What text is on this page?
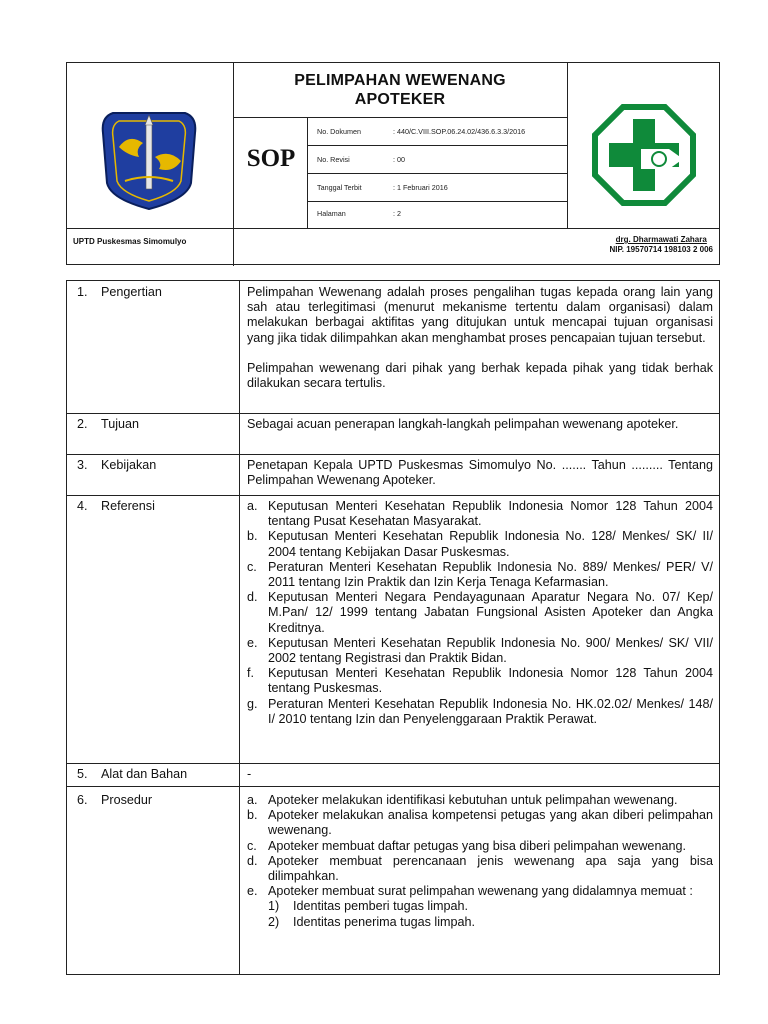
PELIMPAHAN WEWENANG
APOTEKER
SOP
No. Dokumen	: 440/C.VIII.SOP.06.24.02/436.6.3.3/2016
No. Revisi	: 00
Tanggal Terbit	: 1 Februari 2016
Halaman	: 2
UPTD Puskesmas Simomulyo	drg. Dharmawati Zahara
NIP. 19570714 198103 2 006
1. Pengertian	Pelimpahan Wewenang adalah proses pengalihan tugas kepada orang lain yang sah atau terlegitimasi (menurut mekanisme tertentu dalam organisasi) dalam melakukan berbagai aktifitas yang ditujukan untuk mencapai tujuan organisasi yang jika tidak dilimpahkan akan menghambat proses pencapaian tujuan tersebut.

Pelimpahan wewenang dari pihak yang berhak kepada pihak yang tidak berhak dilakukan secara tertulis.

2. Tujuan	Sebagai acuan penerapan langkah-langkah pelimpahan wewenang apoteker.
3. Kebijakan	Penetapan Kepala UPTD Puskesmas Simomulyo No. ....... Tahun ......... Tentang Pelimpahan Wewenang Apoteker.
4. Referensi	a. Keputusan Menteri Kesehatan Republik Indonesia Nomor 128 Tahun 2004 tentang Pusat Kesehatan Masyarakat.
b. Keputusan Menteri Kesehatan Republik Indonesia No. 128/ Menkes/ SK/ II/ 2004 tentang Kebijakan Dasar Puskesmas.
c. Peraturan Menteri Kesehatan Republik Indonesia No. 889/ Menkes/ PER/ V/ 2011 tentang Izin Praktik dan Izin Kerja Tenaga Kefarmasian.
d. Keputusan Menteri Negara Pendayagunaan Aparatur Negara No. 07/ Kep/ M.Pan/ 12/ 1999 tentang Jabatan Fungsional Asisten Apoteker dan Angka Kreditnya.
e. Keputusan Menteri Kesehatan Republik Indonesia No. 900/ Menkes/ SK/ VII/ 2002 tentang Registrasi dan Praktik Bidan.
f. Keputusan Menteri Kesehatan Republik Indonesia Nomor 128 Tahun 2004 tentang Puskesmas.
g. Peraturan Menteri Kesehatan Republik Indonesia No. HK.02.02/ Menkes/ 148/ I/ 2010 tentang Izin dan Penyelenggaraan Praktik Perawat.
5. Alat dan Bahan	-
6. Prosedur	a. Apoteker melakukan identifikasi kebutuhan untuk pelimpahan wewenang.
b. Apoteker melakukan analisa kompetensi petugas yang akan diberi pelimpahan wewenang.
c. Apoteker membuat daftar petugas yang bisa diberi pelimpahan wewenang.
d. Apoteker membuat perencanaan jenis wewenang apa saja yang bisa dilimpahkan.
e. Apoteker membuat surat pelimpahan wewenang yang didalamnya memuat :
1) Identitas pemberi tugas limpah.
2) Identitas penerima tugas limpah.
